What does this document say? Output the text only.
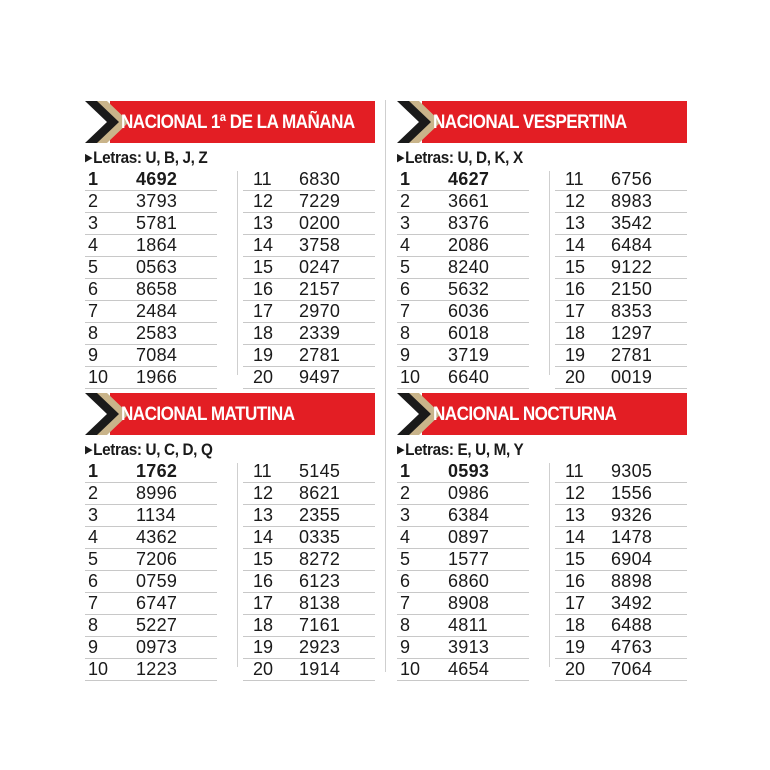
NACIONAL 1ª DE LA MAÑANA
▶Letras: U, B, J, Z
1 4692
2 3793
3 5781
4 1864
5 0563
6 8658
7 2484
8 2583
9 7084
10 1966
11 6830
12 7229
13 0200
14 3758
15 0247
16 2157
17 2970
18 2339
19 2781
20 9497
NACIONAL VESPERTINA
▶Letras: U, D, K, X
1 4627
2 3661
3 8376
4 2086
5 8240
6 5632
7 6036
8 6018
9 3719
10 6640
11 6756
12 8983
13 3542
14 6484
15 9122
16 2150
17 8353
18 1297
19 2781
20 0019
NACIONAL MATUTINA
▶Letras: U, C, D, Q
1 1762
2 8996
3 1134
4 4362
5 7206
6 0759
7 6747
8 5227
9 0973
10 1223
11 5145
12 8621
13 2355
14 0335
15 8272
16 6123
17 8138
18 7161
19 2923
20 1914
NACIONAL NOCTURNA
▶Letras: E, U, M, Y
1 0593
2 0986
3 6384
4 0897
5 1577
6 6860
7 8908
8 4811
9 3913
10 4654
11 9305
12 1556
13 9326
14 1478
15 6904
16 8898
17 3492
18 6488
19 4763
20 7064
